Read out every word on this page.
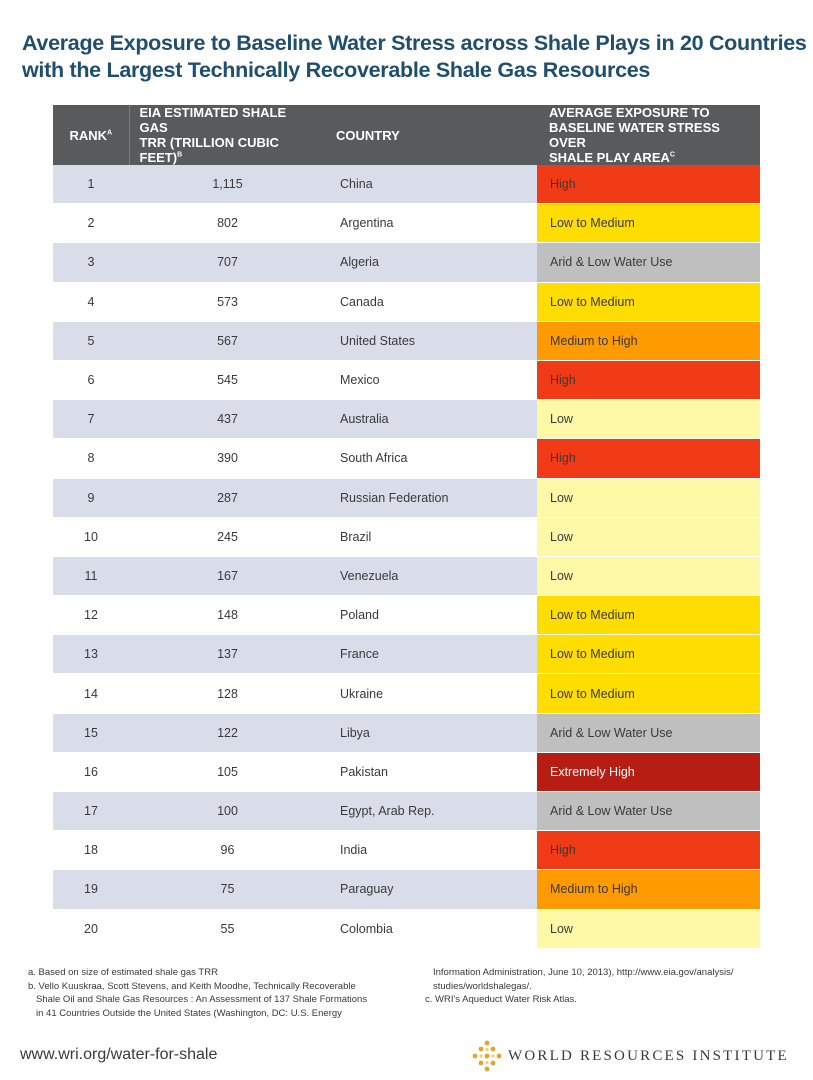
Average Exposure to Baseline Water Stress across Shale Plays in 20 Countries
with the Largest Technically Recoverable Shale Gas Resources
$RANK^A$	EIA ESTIMATED SHALE GAS
TRR (TRILLION CUBIC FEET)$^B$	COUNTRY	AVERAGE EXPOSURE TO
BASELINE WATER STRESS OVER
SHALE PLAY $AREA^C$

1	1,115	China	High
2	802	Argentina	Low to Medium
3	707	Algeria	Arid & Low Water Use
4	573	Canada	Low to Medium
5	567	United States	Medium to High
6	545	Mexico	High
7	437	Australia	Low
8	390	South Africa	High
9	287	Russian Federation	Low
10	245	Brazil	Low
11	167	Venezuela	Low
12	148	Poland	Low to Medium
13	137	France	Low to Medium
14	128	Ukraine	Low to Medium
15	122	Libya	Arid & Low Water Use
16	105	Pakistan	Extremely High
17	100	Egypt, Arab Rep.	Arid & Low Water Use
18	96	India	High
19	75	Paraguay	Medium to High
20	55	Colombia	Low
a. Based on size of estimated shale gas TRR
b. Vello Kuuskraa, Scott Stevens, and Keith Moodhe, Technically Recoverable
Shale Oil and Shale Gas Resources : An Assessment of 137 Shale Formations
in 41 Countries Outside the United States (Washington, DC: U.S. Energy
Information Administration, June 10, 2013), http://www.eia.gov/analysis/
studies/worldshalegas/.
c. WRI's Aqueduct Water Risk Atlas.
www.wri.org/water-for-shale	WORLD RESOURCES INSTITUTE
